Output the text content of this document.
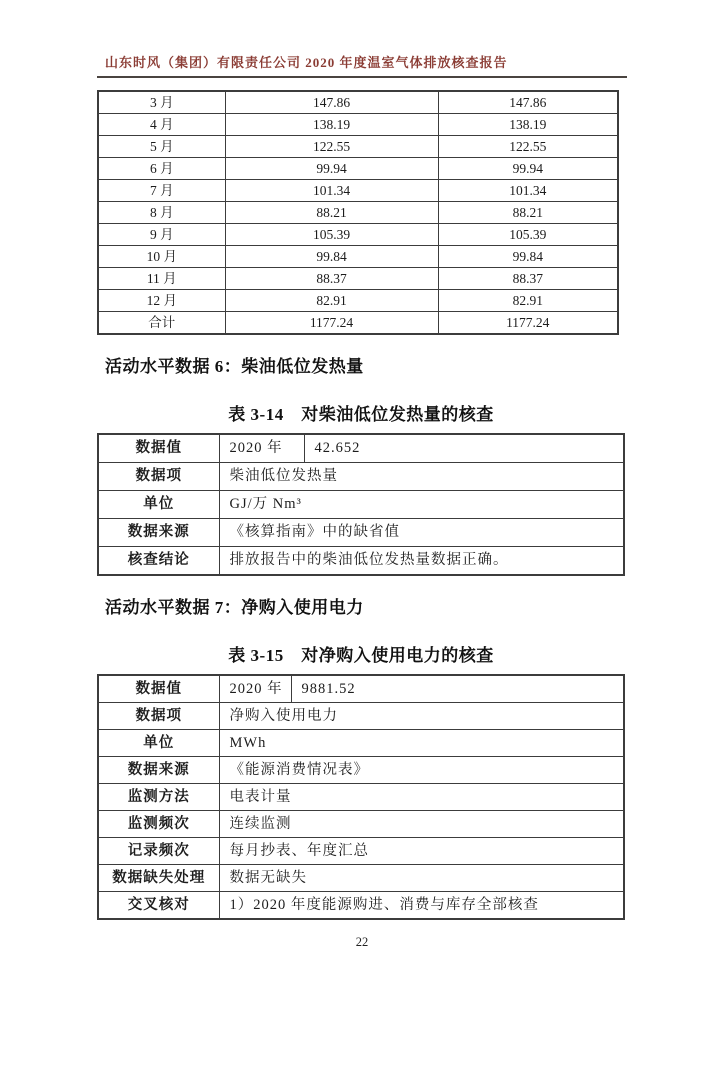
山东时风（集团）有限责任公司 2020 年度温室气体排放核查报告
3 月	147.86	147.86
4 月	138.19	138.19
5 月	122.55	122.55
6 月	99.94	99.94
7 月	101.34	101.34
8 月	88.21	88.21
9 月	105.39	105.39
10 月	99.84	99.84
11 月	88.37	88.37
12 月	82.91	82.91
合计	1177.24	1177.24
活动水平数据 6：柴油低位发热量
表 3-14　对柴油低位发热量的核查
数据值	2020 年	42.652
数据项	柴油低位发热量	
单位	GJ/万 Nm³	
数据来源	《核算指南》中的缺省值	
核查结论	排放报告中的柴油低位发热量数据正确。	
活动水平数据 7：净购入使用电力
表 3-15　对净购入使用电力的核查
数据值	2020 年	9881.52
数据项	净购入使用电力	
单位	MWh	
数据来源	《能源消费情况表》	
监测方法	电表计量	
监测频次	连续监测	
记录频次	每月抄表、年度汇总	
数据缺失处理	数据无缺失	
交叉核对	1）2020 年度能源购进、消费与库存全部核查	
22
